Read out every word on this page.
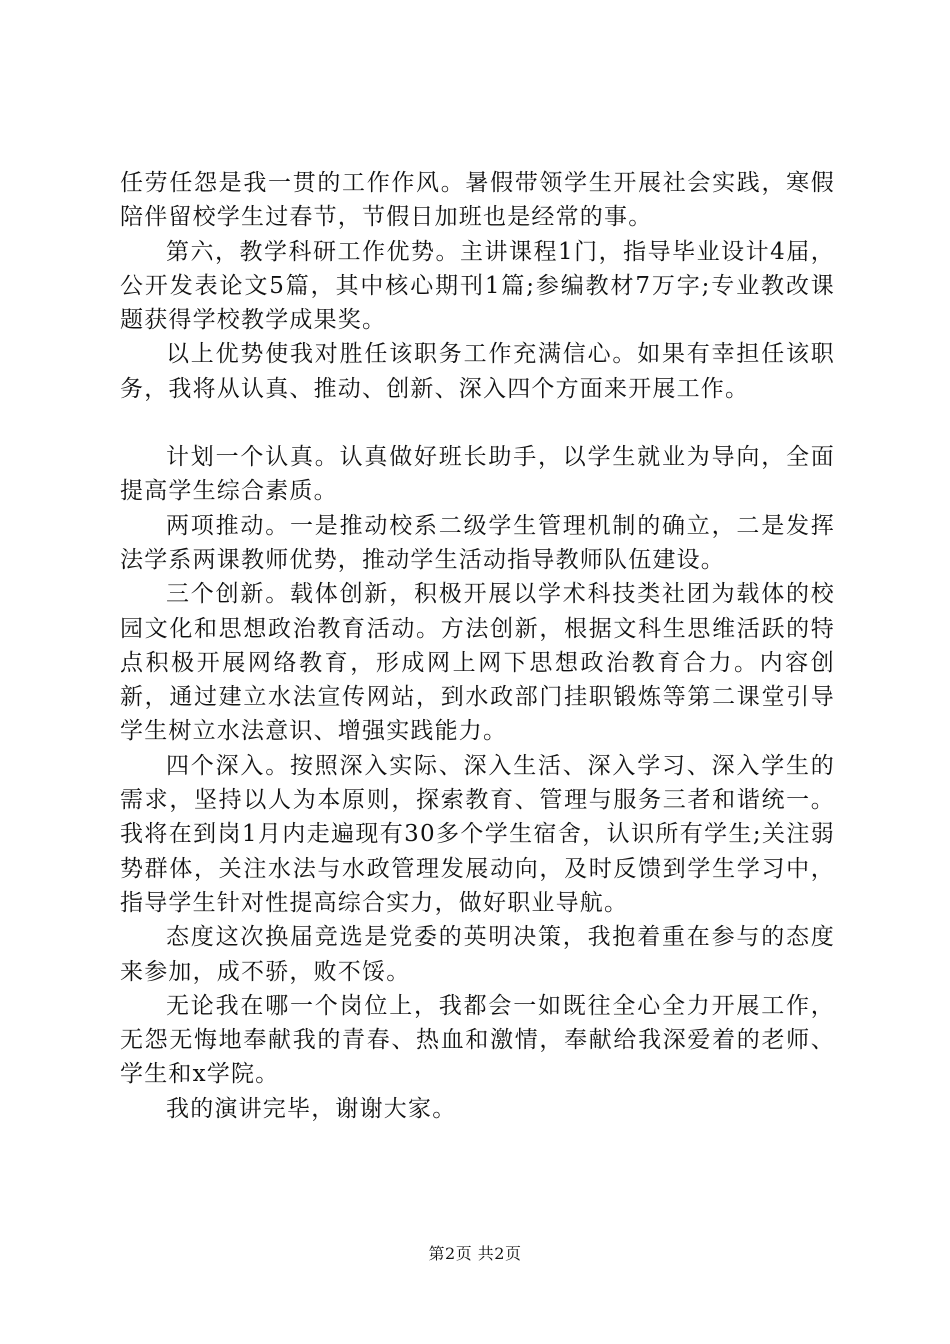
任劳任怨是我一贯的工作作风。暑假带领学生开展社会实践，寒假陪伴留校学生过春节，节假日加班也是经常的事。

第六，教学科研工作优势。主讲课程1门，指导毕业设计4届，公开发表论文5篇，其中核心期刊1篇;参编教材7万字;专业教改课题获得学校教学成果奖。

以上优势使我对胜任该职务工作充满信心。如果有幸担任该职务，我将从认真、推动、创新、深入四个方面来开展工作。

计划一个认真。认真做好班长助手，以学生就业为导向，全面提高学生综合素质。

两项推动。一是推动校系二级学生管理机制的确立，二是发挥法学系两课教师优势，推动学生活动指导教师队伍建设。

三个创新。载体创新，积极开展以学术科技类社团为载体的校园文化和思想政治教育活动。方法创新，根据文科生思维活跃的特点积极开展网络教育，形成网上网下思想政治教育合力。内容创新，通过建立水法宣传网站，到水政部门挂职锻炼等第二课堂引导学生树立水法意识、增强实践能力。

四个深入。按照深入实际、深入生活、深入学习、深入学生的需求，坚持以人为本原则，探索教育、管理与服务三者和谐统一。我将在到岗1月内走遍现有30多个学生宿舍，认识所有学生;关注弱势群体，关注水法与水政管理发展动向，及时反馈到学生学习中，指导学生针对性提高综合实力，做好职业导航。

态度这次换届竞选是党委的英明决策，我抱着重在参与的态度来参加，成不骄，败不馁。

无论我在哪一个岗位上，我都会一如既往全心全力开展工作，无怨无悔地奉献我的青春、热血和激情，奉献给我深爱着的老师、学生和x学院。

我的演讲完毕，谢谢大家。

第2页 共2页
